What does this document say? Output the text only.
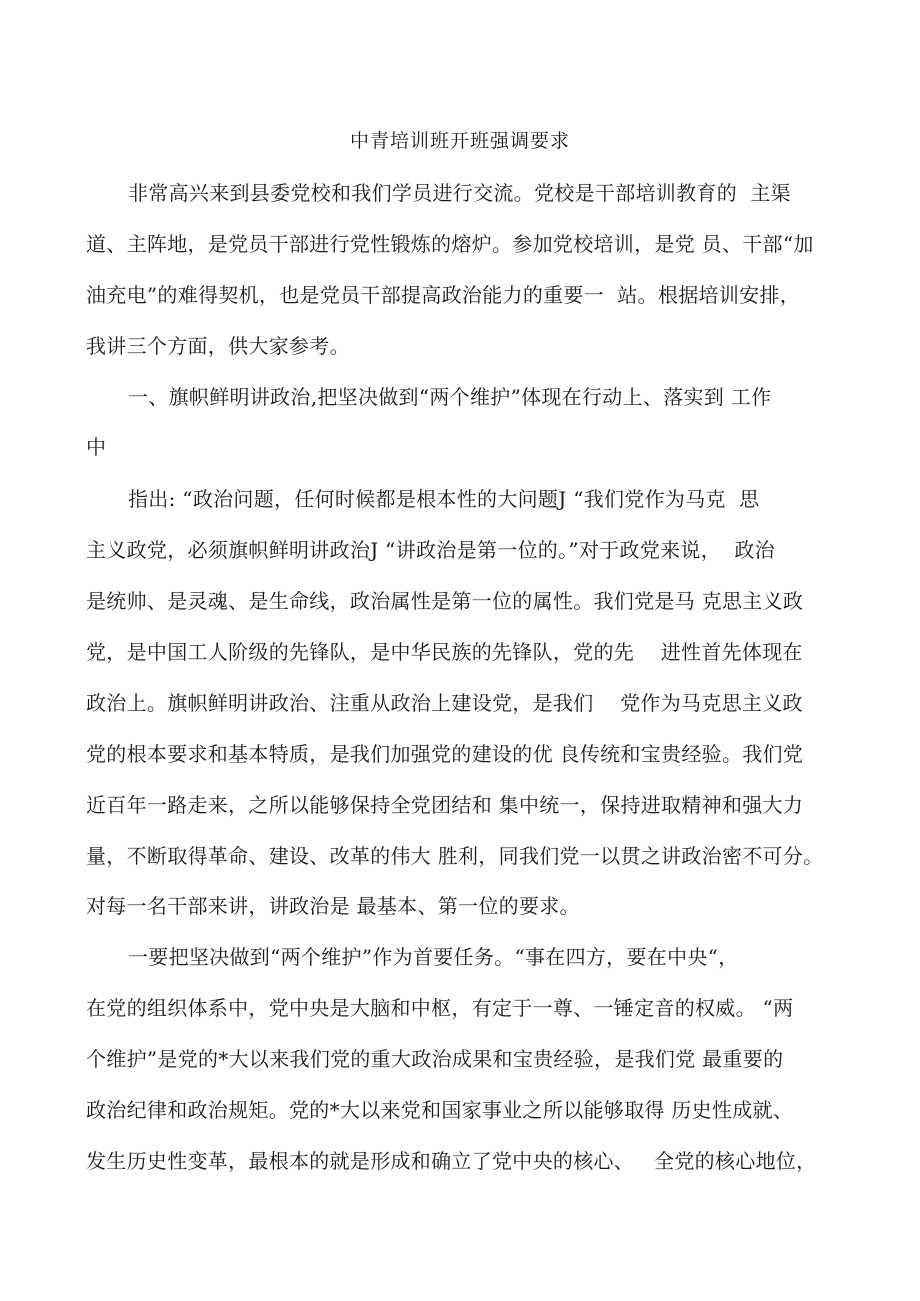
中青培训班开班强调要求
非常高兴来到县委党校和我们学员进行交流。党校是干部培训教育的  主渠
道、主阵地，是党员干部进行党性锻炼的熔炉。参加党校培训，是党 员、干部“加
油充电”的难得契机，也是党员干部提高政治能力的重要一  站。根据培训安排，
我讲三个方面，供大家参考。
一、旗帜鲜明讲政治,把坚决做到“两个维护”体现在行动上、落实到 工作
中
指出: “政治问题，任何时候都是根本性的大问题J “我们党作为马克  思
主义政党，必须旗帜鲜明讲政治J “讲政治是第一位的。”对于政党来说，  政治
是统帅、是灵魂、是生命线，政治属性是第一位的属性。我们党是马 克思主义政
党，是中国工人阶级的先锋队，是中华民族的先锋队，党的先    进性首先体现在
政治上。旗帜鲜明讲政治、注重从政治上建设党，是我们    党作为马克思主义政
党的根本要求和基本特质，是我们加强党的建设的优 良传统和宝贵经验。我们党
近百年一路走来，之所以能够保持全党团结和 集中统一，保持进取精神和强大力
量，不断取得革命、建设、改革的伟大 胜利，同我们党一以贯之讲政治密不可分。
对每一名干部来讲，讲政治是 最基本、第一位的要求。
一要把坚决做到“两个维护”作为首要任务。“事在四方，要在中央“，
在党的组织体系中，党中央是大脑和中枢，有定于一尊、一锤定音的权威。 “两
个维护”是党的*大以来我们党的重大政治成果和宝贵经验，是我们党 最重要的
政治纪律和政治规矩。党的*大以来党和国家事业之所以能够取得 历史性成就、
发生历史性变革，最根本的就是形成和确立了党中央的核心、   全党的核心地位，
